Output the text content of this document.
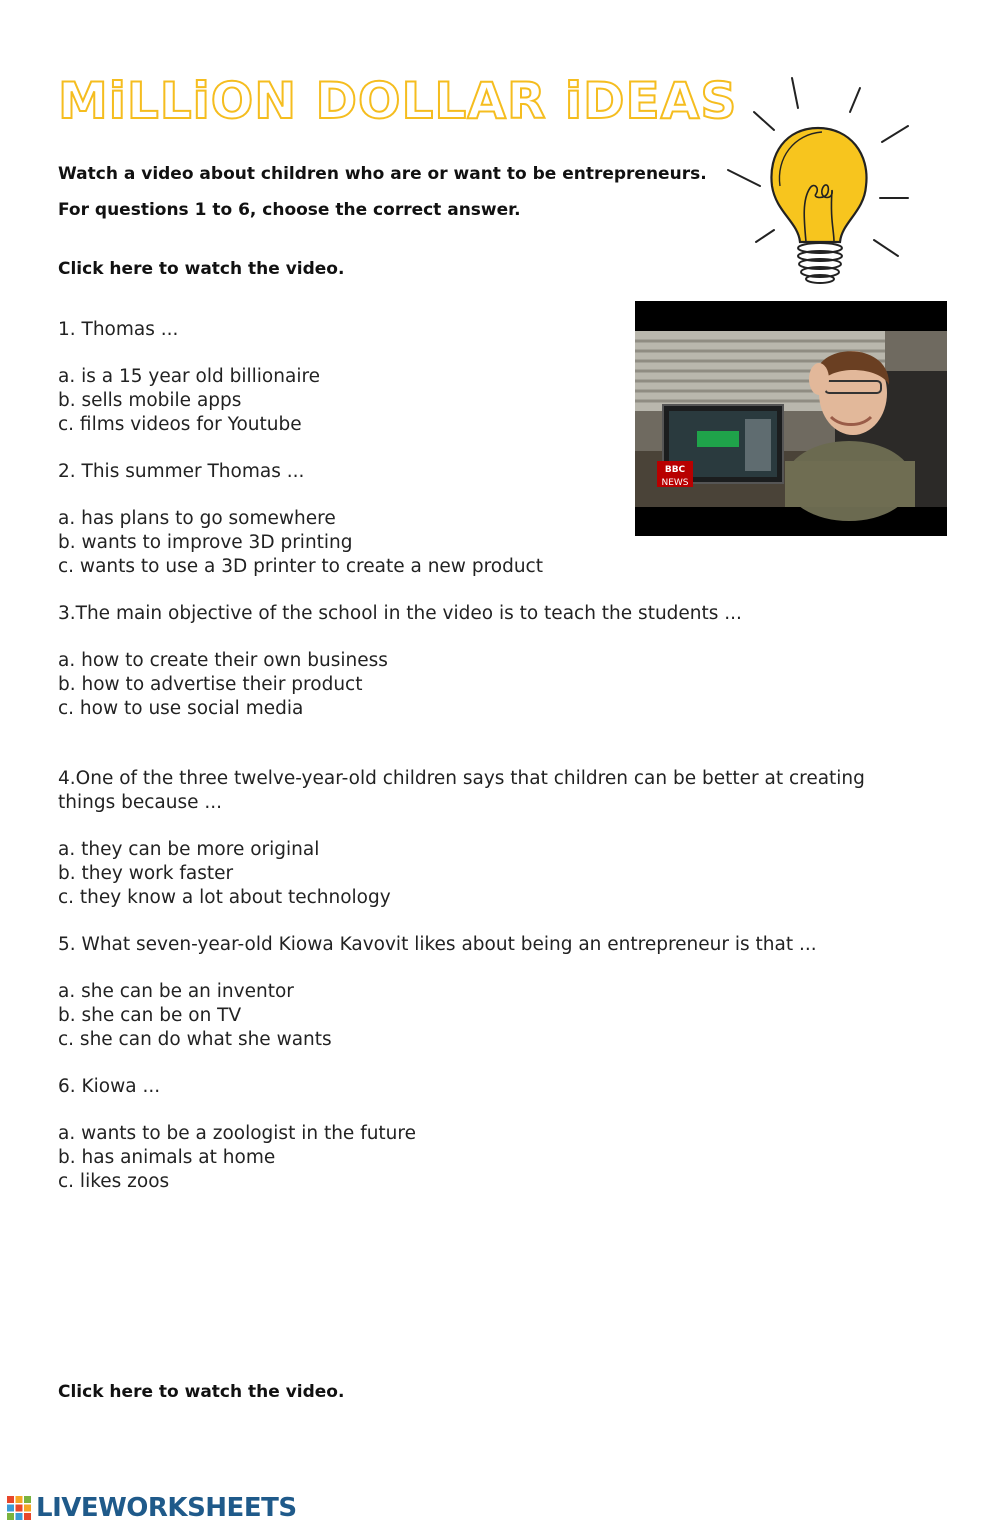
MiLLiON DOLLAR iDEAS

Watch a video about children who are or want to be entrepreneurs.

For questions 1 to 6, choose the correct answer.

Click here to watch the video.

BBC
NEWS

1. Thomas ...

a. is a 15 year old billionaire
b. sells mobile apps
c. films videos for Youtube

2. This summer Thomas ...

a. has plans to go somewhere
b. wants to improve 3D printing
c. wants to use a 3D printer to create a new product

3.The main objective of the school in the video is to teach the students ...

a. how to create their own business
b. how to advertise their product
c. how to use social media

4.One of the three twelve-year-old children says that children can be better at creating things because ...

a. they can be more original
b. they work faster
c. they know a lot about technology

5. What seven-year-old Kiowa Kavovit likes about being an entrepreneur is that ...

a. she can be an inventor
b. she can be on TV
c. she can do what she wants

6. Kiowa ...

a. wants to be a zoologist in the future
b. has animals at home
c. likes zoos

Click here to watch the video.

LIVEWORKSHEETS
